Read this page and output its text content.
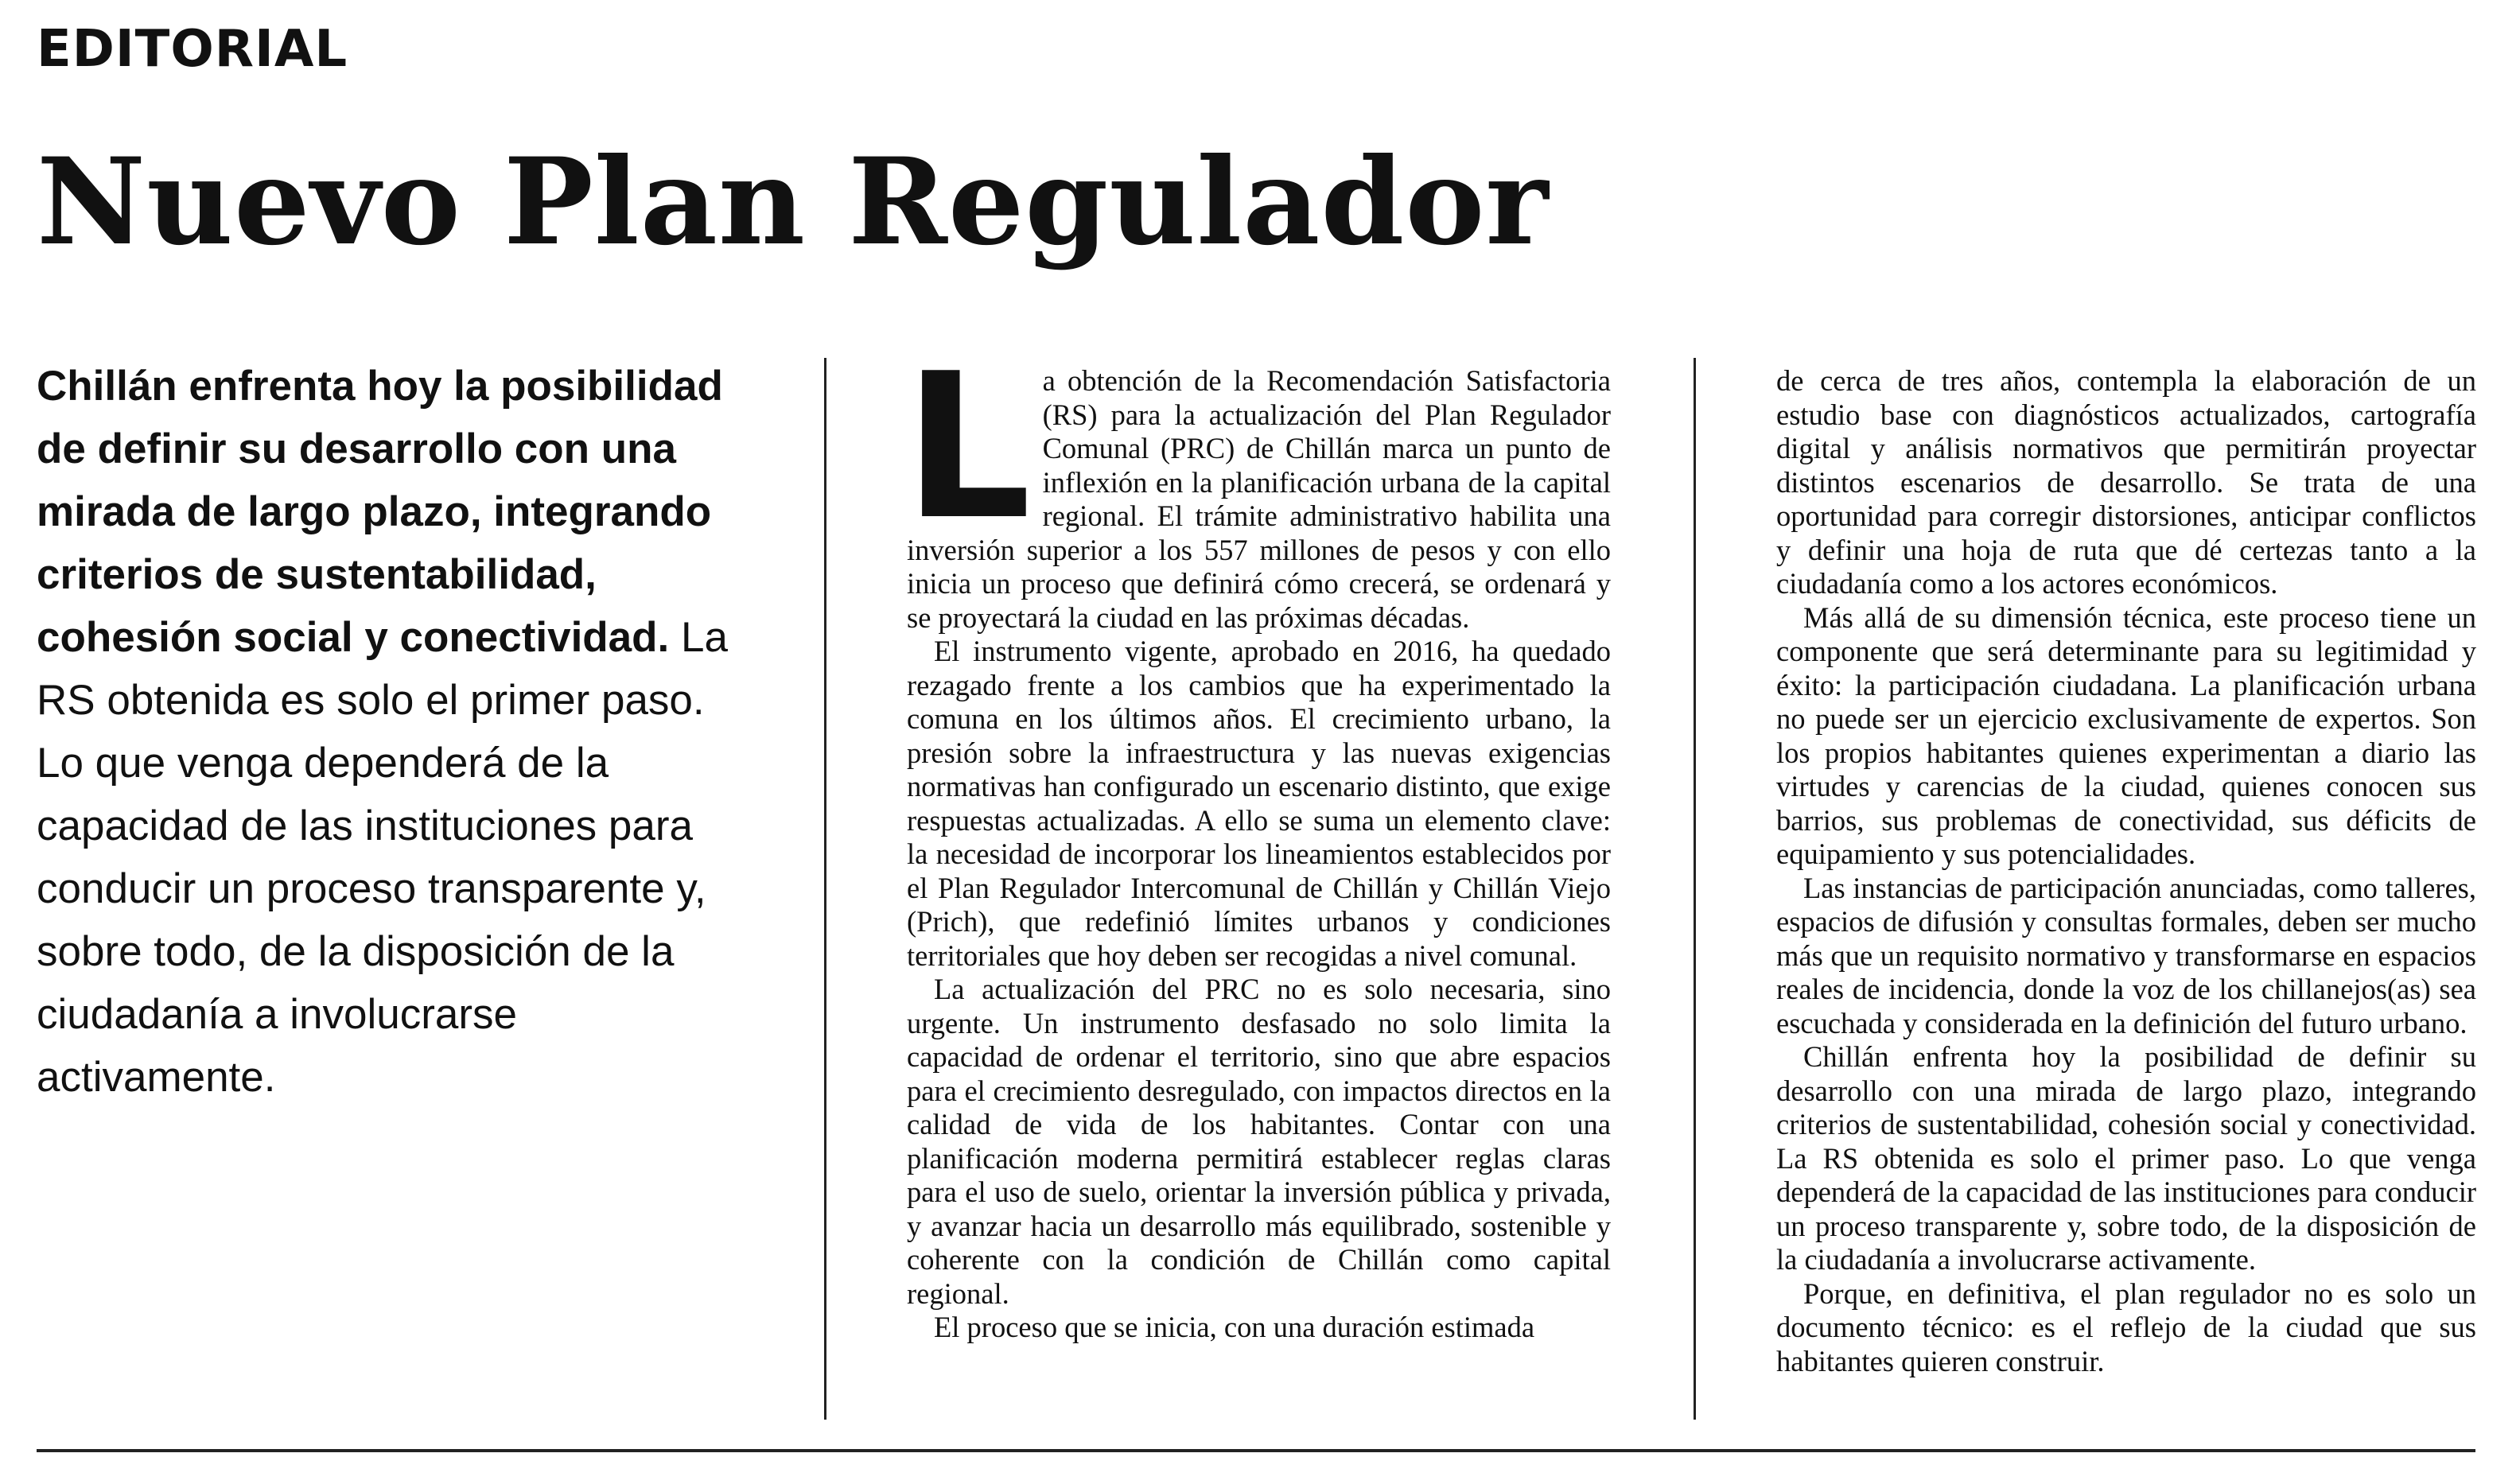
EDITORIAL
Nuevo Plan Regulador
Chillán enfrenta hoy la posibilidad de definir su desarrollo con una mirada de largo plazo, integrando criterios de sustentabilidad, cohesión social y conectividad. La RS obtenida es solo el primer paso. Lo que venga dependerá de la capacidad de las instituciones para conducir un proceso transparente y, sobre todo, de la disposición de la ciudadanía a involucrarse activamente.

La obtención de la Recomendación Satisfactoria (RS) para la actualización del Plan Regulador Comunal (PRC) de Chillán marca un punto de inflexión en la planificación urbana de la capital regional. El trámite administrativo habilita una inversión superior a los 557 millones de pesos y con ello inicia un proceso que definirá cómo crecerá, se ordenará y se proyectará la ciudad en las próximas décadas.

El instrumento vigente, aprobado en 2016, ha quedado rezagado frente a los cambios que ha experimentado la comuna en los últimos años. El crecimiento urbano, la presión sobre la infraestructura y las nuevas exigencias normativas han configurado un escenario distinto, que exige respuestas actualizadas. A ello se suma un elemento clave: la necesidad de incorporar los lineamientos establecidos por el Plan Regulador Intercomunal de Chillán y Chillán Viejo (Prich), que redefinió límites urbanos y condiciones territoriales que hoy deben ser recogidas a nivel comunal.

La actualización del PRC no es solo necesaria, sino urgente. Un instrumento desfasado no solo limita la capacidad de ordenar el territorio, sino que abre espacios para el crecimiento desregulado, con impactos directos en la calidad de vida de los habitantes. Contar con una planificación moderna permitirá establecer reglas claras para el uso de suelo, orientar la inversión pública y privada, y avanzar hacia un desarrollo más equilibrado, sostenible y coherente con la condición de Chillán como capital regional.

El proceso que se inicia, con una duración estimada

de cerca de tres años, contempla la elaboración de un estudio base con diagnósticos actualizados, cartografía digital y análisis normativos que permitirán proyectar distintos escenarios de desarrollo. Se trata de una oportunidad para corregir distorsiones, anticipar conflictos y definir una hoja de ruta que dé certezas tanto a la ciudadanía como a los actores económicos.

Más allá de su dimensión técnica, este proceso tiene un componente que será determinante para su legitimidad y éxito: la participación ciudadana. La planificación urbana no puede ser un ejercicio exclusivamente de expertos. Son los propios habitantes quienes experimentan a diario las virtudes y carencias de la ciudad, quienes conocen sus barrios, sus problemas de conectividad, sus déficits de equipamiento y sus potencialidades.

Las instancias de participación anunciadas, como talleres, espacios de difusión y consultas formales, deben ser mucho más que un requisito normativo y transformarse en espacios reales de incidencia, donde la voz de los chillanejos(as) sea escuchada y considerada en la definición del futuro urbano.

Chillán enfrenta hoy la posibilidad de definir su desarrollo con una mirada de largo plazo, integrando criterios de sustentabilidad, cohesión social y conectividad. La RS obtenida es solo el primer paso. Lo que venga dependerá de la capacidad de las instituciones para conducir un proceso transparente y, sobre todo, de la disposición de la ciudadanía a involucrarse activamente.

Porque, en definitiva, el plan regulador no es solo un documento técnico: es el reflejo de la ciudad que sus habitantes quieren construir.
